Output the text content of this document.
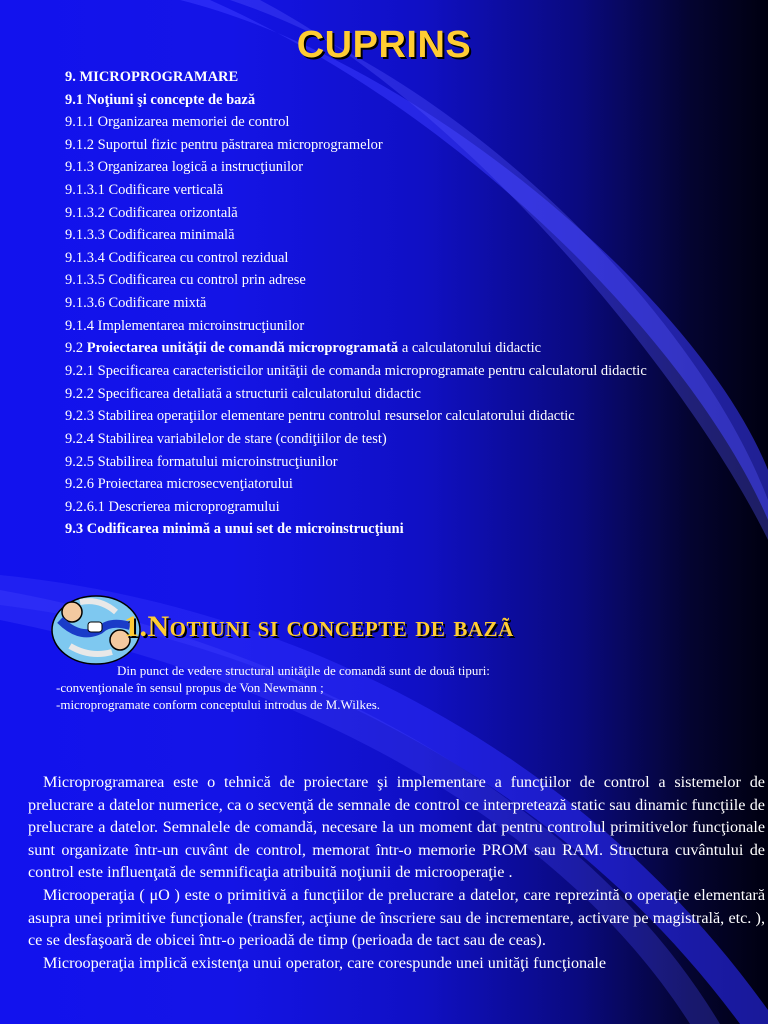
CUPRINS
9. MICROPROGRAMARE
9.1 Noţiuni şi concepte de bază
9.1.1 Organizarea memoriei de control
9.1.2 Suportul fizic pentru păstrarea microprogramelor
9.1.3 Organizarea logică a instrucţiunilor
9.1.3.1 Codificare verticală
9.1.3.2 Codificarea orizontală
9.1.3.3 Codificarea minimală
9.1.3.4 Codificarea cu control rezidual
9.1.3.5 Codificarea cu control prin adrese
9.1.3.6 Codificare mixtă
9.1.4 Implementarea microinstrucţiunilor
9.2 Proiectarea unităţii de comandă microprogramată a calculatorului didactic
9.2.1 Specificarea caracteristicilor unităţii de comanda microprogramate pentru calculatorul didactic
9.2.2 Specificarea detaliată a structurii calculatorului didactic
9.2.3 Stabilirea operaţiilor elementare pentru controlul resurselor calculatorului didactic
9.2.4 Stabilirea variabilelor de stare (condiţiilor de test)
9.2.5 Stabilirea formatului microinstrucţiunilor
9.2.6 Proiectarea microsecvenţiatorului
9.2.6.1 Descrierea microprogramului
9.3 Codificarea minimă a unui set de microinstrucţiuni
1.Notiuni si concepte de bazã
Din punct de vedere structural unităţile de comandă sunt de două tipuri:
-convenţionale în sensul propus de Von Newmann ;
-microprogramate conform conceptului introdus de M.Wilkes.

Microprogramarea este o tehnică de proiectare şi implementare a funcţiilor de control a sistemelor de prelucrare a datelor numerice, ca o secvenţă de semnale de control ce interpretează static sau dinamic funcţiile de prelucrare a datelor. Semnalele de comandă, necesare la un moment dat pentru controlul primitivelor funcţionale sunt organizate într-un cuvânt de control, memorat într-o memorie PROM sau RAM. Structura cuvântului de control este influenţată de semnificaţia atribuită noţiunii de microoperaţie .

Microoperaţia ( μO ) este o primitivă a funcţiilor de prelucrare a datelor, care reprezintă o operaţie elementară asupra unei primitive funcţionale (transfer, acţiune de înscriere sau de incrementare, activare pe magistrală, etc. ), ce se desfaşoară de obicei într-o perioadă de timp (perioada de tact sau de ceas).

Microoperaţia implică existenţa unui operator, care corespunde unei unităţi funcţionale
